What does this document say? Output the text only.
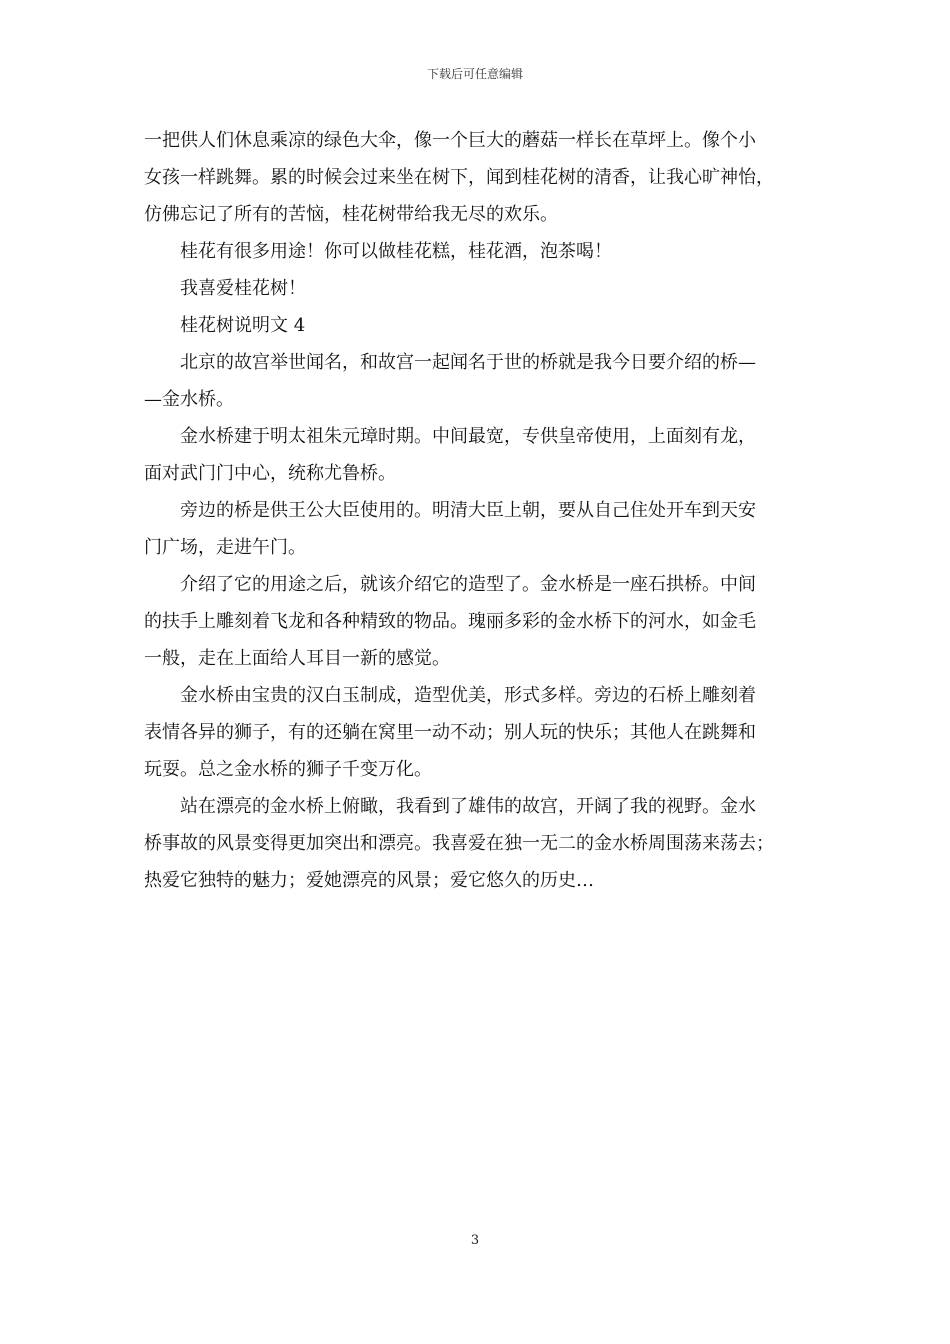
下载后可任意编辑

一把供人们休息乘凉的绿色大伞，像一个巨大的蘑菇一样长在草坪上。像个小
女孩一样跳舞。累的时候会过来坐在树下，闻到桂花树的清香，让我心旷神怡，
仿佛忘记了所有的苦恼，桂花树带给我无尽的欢乐。

桂花有很多用途！你可以做桂花糕，桂花酒，泡茶喝！

我喜爱桂花树！

桂花树说明文 4

北京的故宫举世闻名，和故宫一起闻名于世的桥就是我今日要介绍的桥—
—金水桥。

金水桥建于明太祖朱元璋时期。中间最宽，专供皇帝使用，上面刻有龙，
面对武门门中心，统称尤鲁桥。

旁边的桥是供王公大臣使用的。明清大臣上朝，要从自己住处开车到天安
门广场，走进午门。

介绍了它的用途之后，就该介绍它的造型了。金水桥是一座石拱桥。中间
的扶手上雕刻着飞龙和各种精致的物品。瑰丽多彩的金水桥下的河水，如金毛
一般，走在上面给人耳目一新的感觉。

金水桥由宝贵的汉白玉制成，造型优美，形式多样。旁边的石桥上雕刻着
表情各异的狮子，有的还躺在窝里一动不动；别人玩的快乐；其他人在跳舞和
玩耍。总之金水桥的狮子千变万化。

站在漂亮的金水桥上俯瞰，我看到了雄伟的故宫，开阔了我的视野。金水
桥事故的风景变得更加突出和漂亮。我喜爱在独一无二的金水桥周围荡来荡去；
热爱它独特的魅力；爱她漂亮的风景；爱它悠久的历史…

3
